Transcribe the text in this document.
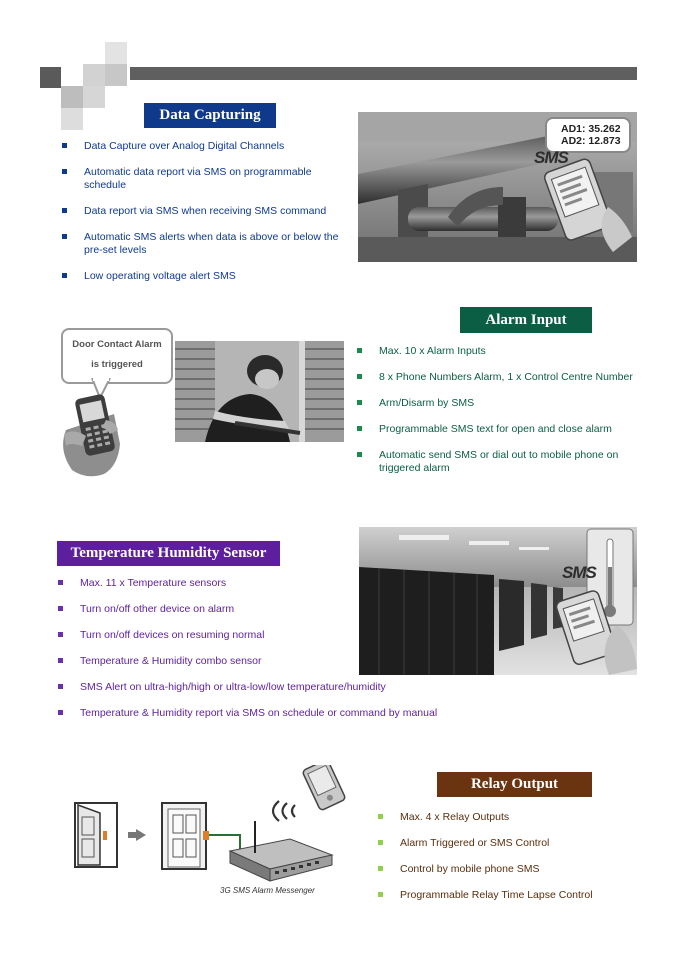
Data Capturing
Data Capture over Analog Digital Channels
Automatic data report via SMS on programmable schedule
Data report via SMS when receiving SMS command
Automatic SMS alerts when data is above or below the pre-set levels
Low operating voltage alert SMS
AD1: 35.262
AD2: 12.873
SMS
Alarm Input
Door Contact Alarm
is triggered
Max. 10 x Alarm Inputs
8 x Phone Numbers Alarm, 1 x Control Centre Number
Arm/Disarm by SMS
Programmable SMS text for open and close alarm
Automatic send SMS or dial out to mobile phone on triggered alarm
Temperature Humidity Sensor
SMS
Max. 11 x Temperature sensors
Turn on/off other device on alarm
Turn on/off devices on resuming normal
Temperature & Humidity combo sensor
SMS Alert on ultra-high/high or ultra-low/low temperature/humidity
Temperature & Humidity report via SMS on schedule or command by manual
Relay Output
3G SMS Alarm Messenger
Max. 4 x Relay Outputs
Alarm Triggered or SMS Control
Control by mobile phone SMS
Programmable Relay Time Lapse Control
